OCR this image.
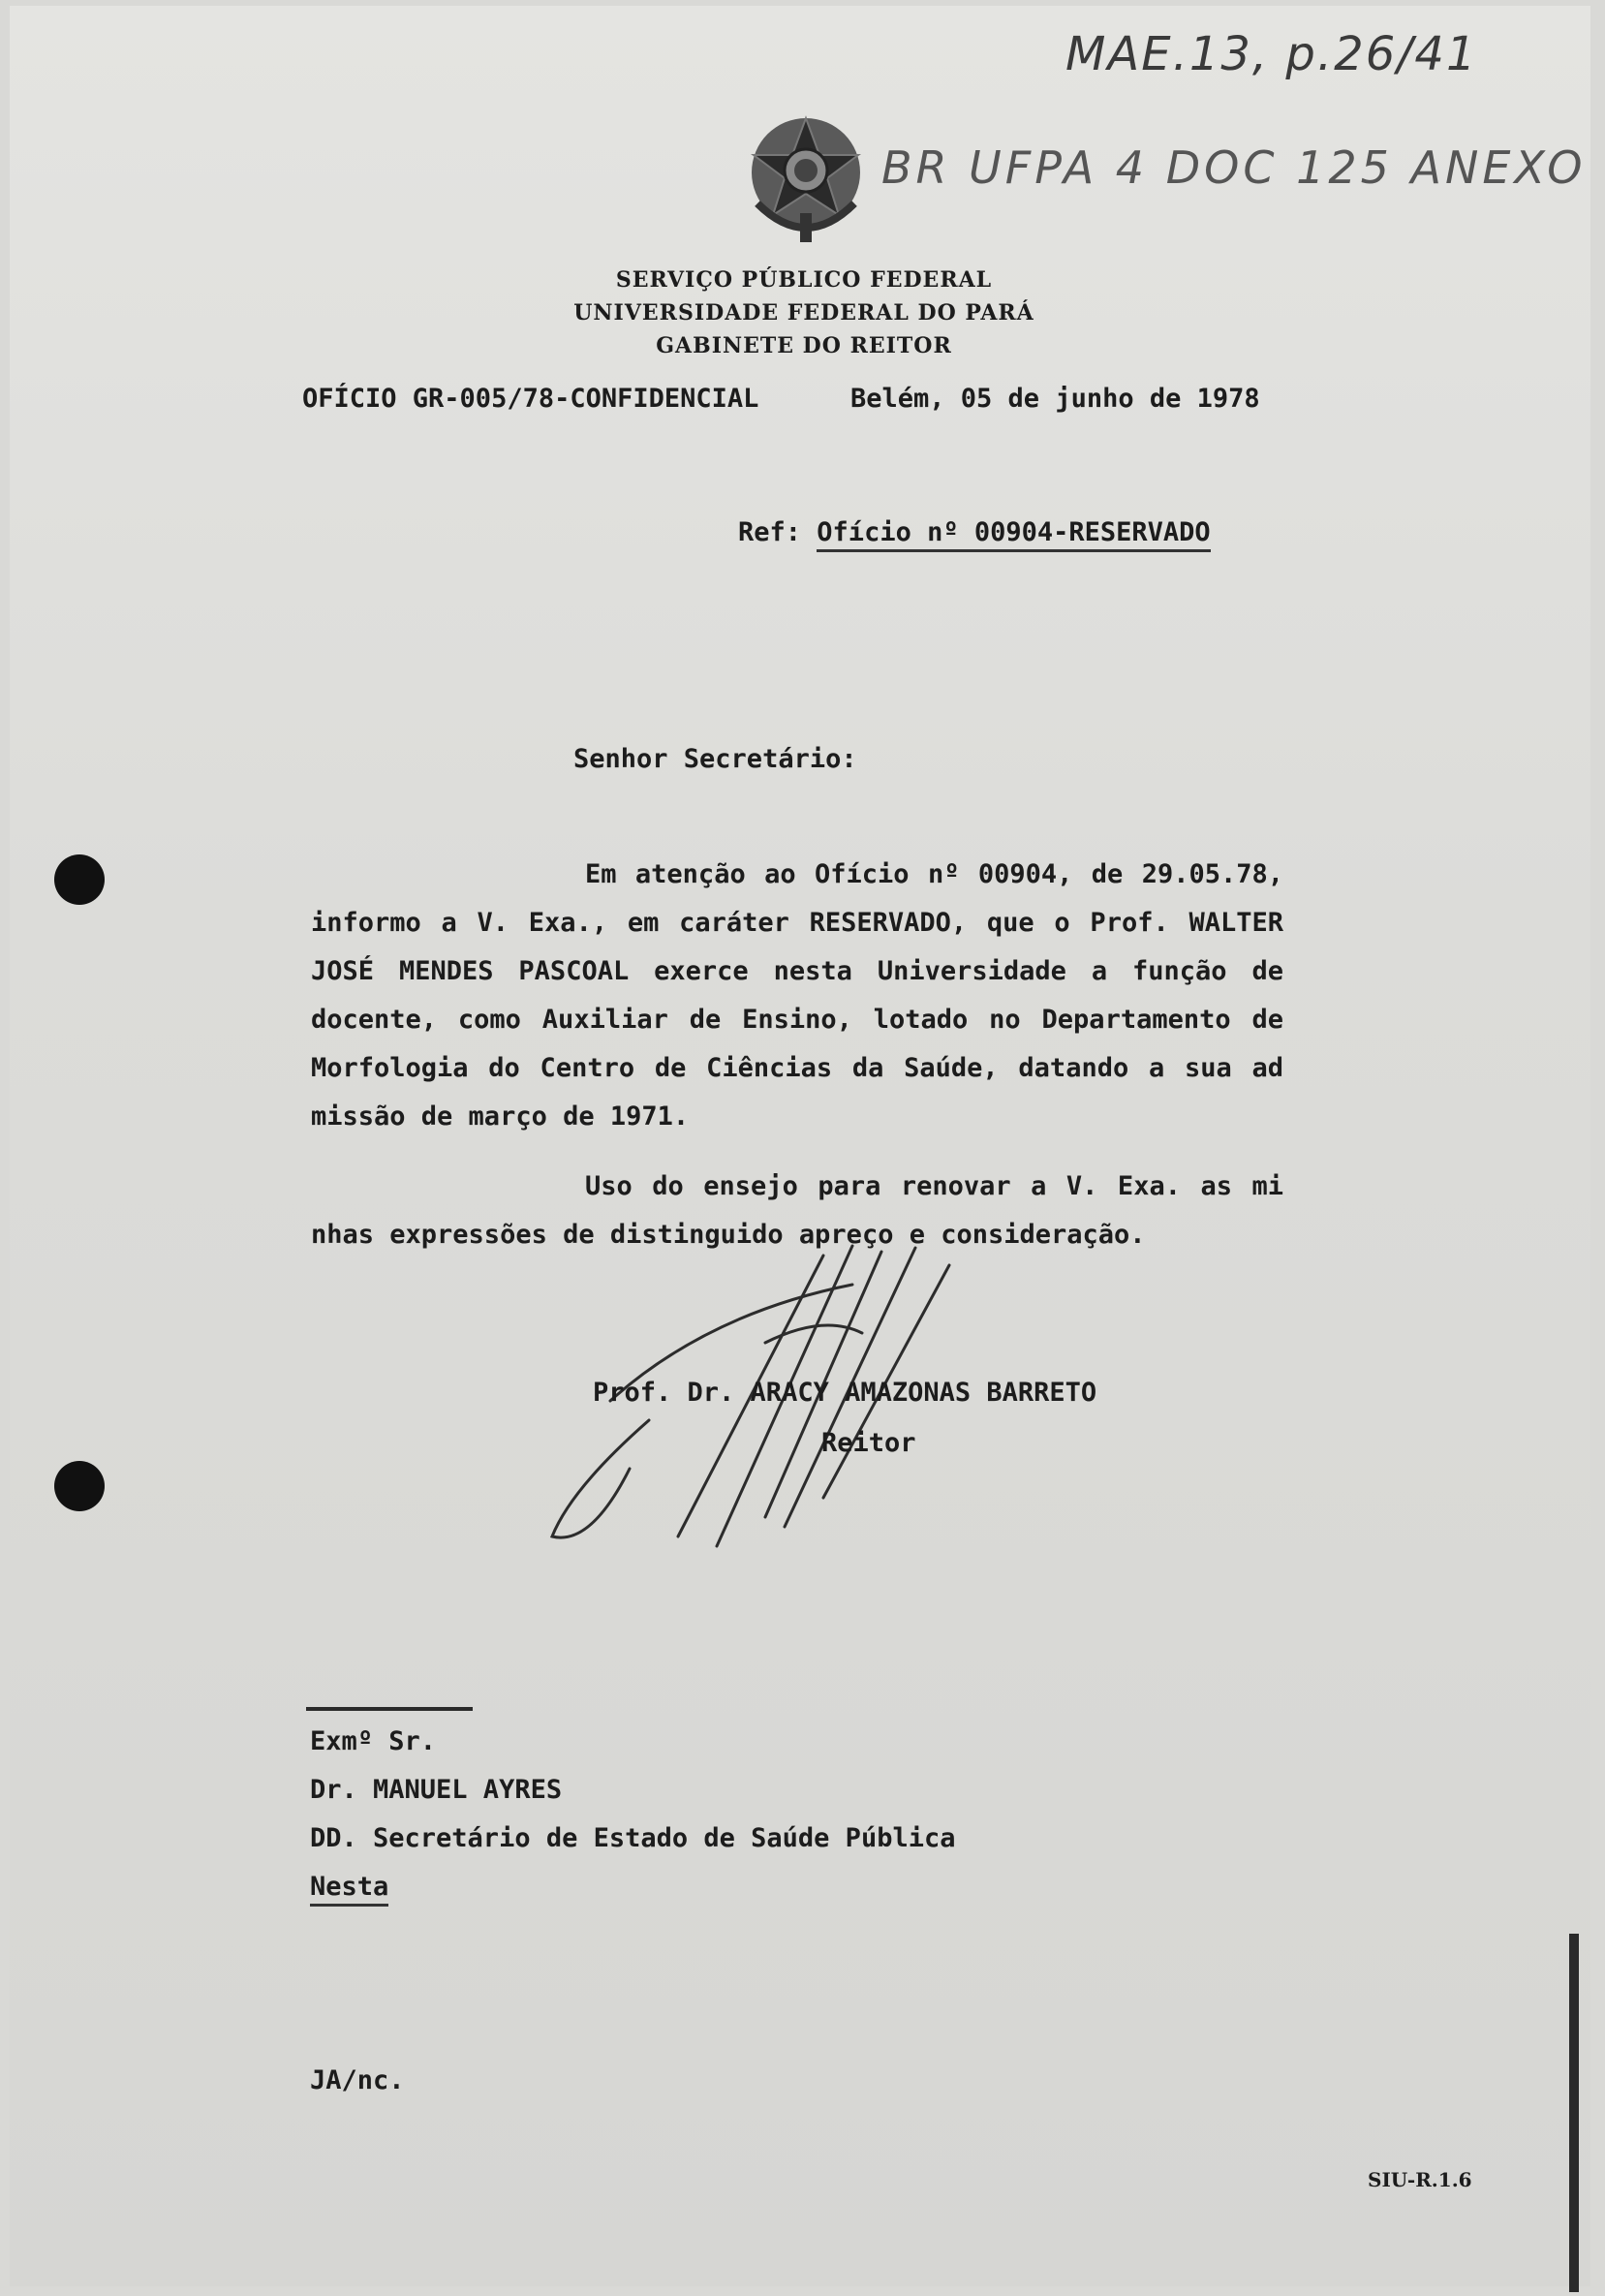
MAE.13, p.26/41
BR UFPA 4 DOC 125 ANEXO
SERVIÇO PÚBLICO FEDERAL
UNIVERSIDADE FEDERAL DO PARÁ
GABINETE DO REITOR
OFÍCIO GR-005/78-CONFIDENCIAL	Belém, 05 de junho de 1978
Ref: Ofício nº 00904-RESERVADO
Senhor Secretário:
Em atenção ao Ofício nº 00904, de 29.05.78,
informo a V. Exa., em caráter RESERVADO, que o Prof. WALTER
JOSÉ MENDES PASCOAL exerce nesta Universidade a função de
docente, como Auxiliar de Ensino, lotado no Departamento de
Morfologia do Centro de Ciências da Saúde, datando a sua ad
missão de março de 1971.
Uso do ensejo para renovar a V. Exa. as mi
nhas expressões de distinguido apreço e consideração.
Prof. Dr. ARACY AMAZONAS BARRETO
Reitor
Exmº Sr.
Dr. MANUEL AYRES
DD. Secretário de Estado de Saúde Pública
Nesta
JA/nc.
SIU-R.1.6
